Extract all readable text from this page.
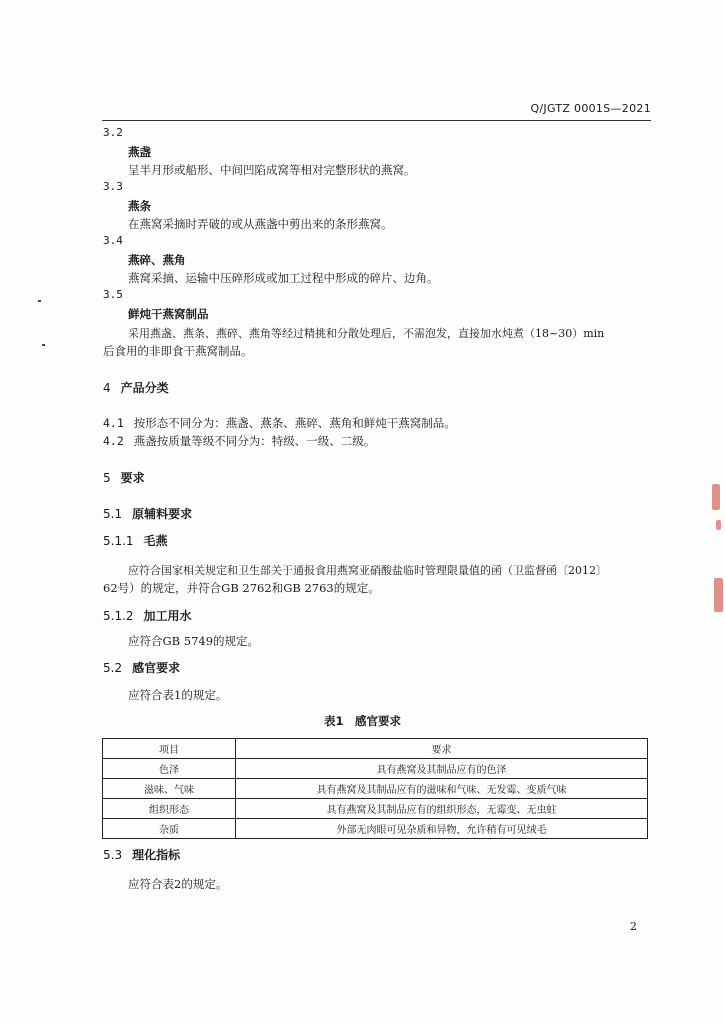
Q/JGTZ 0001S—2021
3.2
燕盏
呈半月形或船形、中间凹陷成窝等相对完整形状的燕窝。
3.3
燕条
在燕窝采摘时弄破的或从燕盏中剪出来的条形燕窝。
3.4
燕碎、燕角
燕窝采摘、运输中压碎形成或加工过程中形成的碎片、边角。
3.5
鲜炖干燕窝制品
采用燕盏、燕条、燕碎、燕角等经过精挑和分散处理后，不需泡发，直接加水炖煮（18~30）min
后食用的非即食干燕窝制品。
4 产品分类
4.1 按形态不同分为：燕盏、燕条、燕碎、燕角和鲜炖干燕窝制品。
4.2 燕盏按质量等级不同分为：特级、一级、二级。
5 要求
5.1 原辅料要求
5.1.1 毛燕
应符合国家相关规定和卫生部关于通报食用燕窝亚硝酸盐临时管理限量值的函（卫监督函〔2012〕
62号）的规定，并符合GB 2762和GB 2763的规定。
5.1.2 加工用水
应符合GB 5749的规定。
5.2 感官要求
应符合表1的规定。
表1　感官要求
项目	要求
色泽	具有燕窝及其制品应有的色泽
滋味、气味	具有燕窝及其制品应有的滋味和气味、无发霉、变质气味
组织形态	具有燕窝及其制品应有的组织形态，无霉变、无虫蛀
杂质	外部无肉眼可见杂质和异物，允许稍有可见绒毛
5.3 理化指标
应符合表2的规定。
2
